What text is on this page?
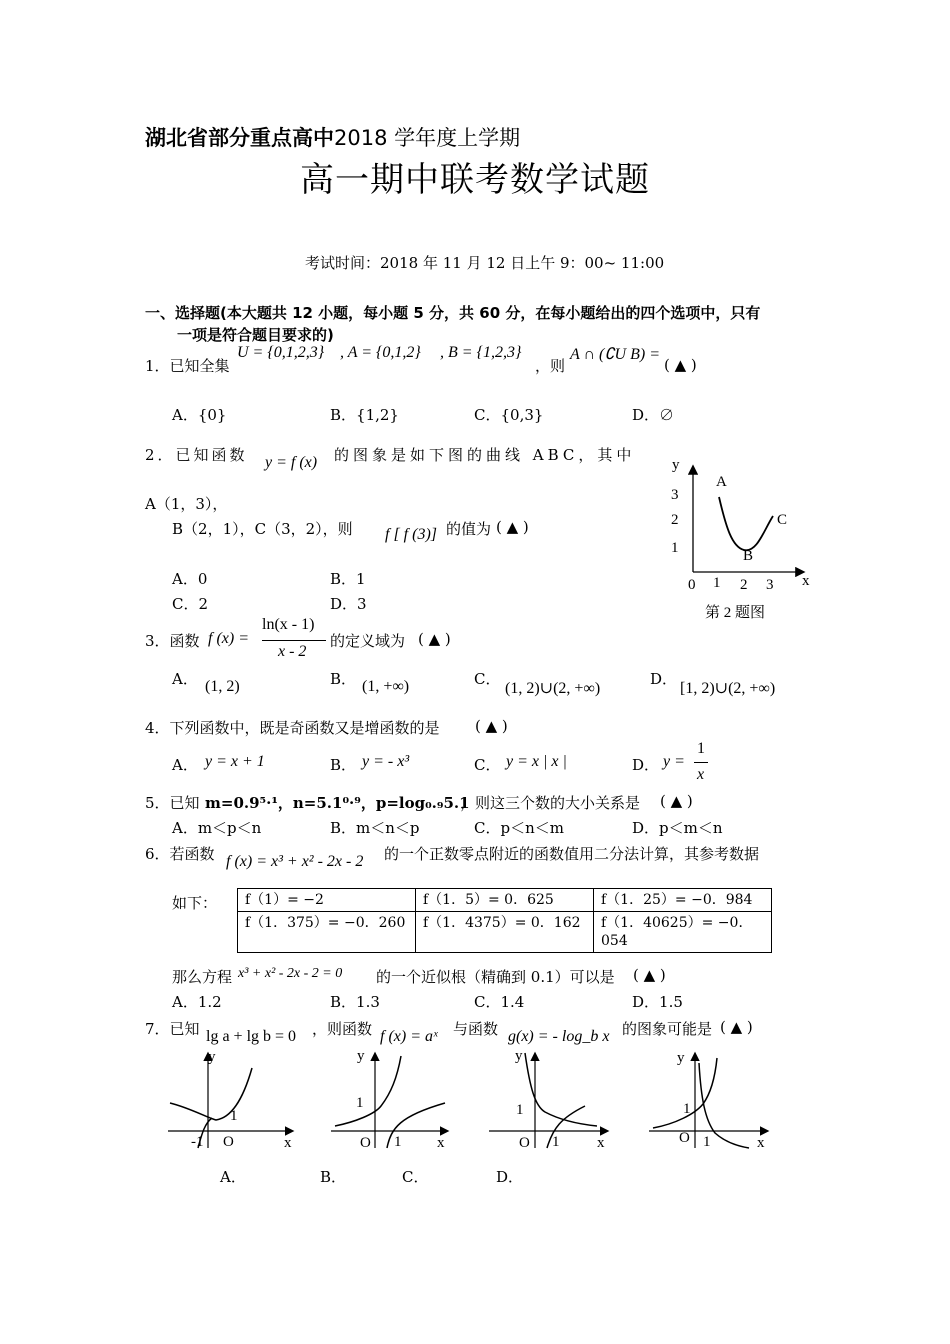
湖北省部分重点高中2018 学年度上学期
高一期中联考数学试题
考试时间：2018 年 11 月 12 日上午 9：00~ 11:00
一、选择题(本大题共 12 小题，每小题 5 分，共 60 分，在每小题给出的四个选项中，只有
一项是符合题目要求的)
1．已知全集
U = {0,1,2,3} , A = {0,1,2} , B = {1,2,3}
，则
A ∩ (∁U B) =
( ▲ )
A．{0}	B．{1,2}	C．{0,3}	D．∅
2．已知函数 y = f (x) 的图象是如下图的曲线 ABC，其中
A（1，3），
B（2，1），C（3，2），则 f [ f (3)] 的值为 ( ▲ )
A．0	B．1
C．2	D．3
y
x
0 1 2 3
3
2
1
A
B
C
第 2 题图
3．函数 f (x) =
ln(x - 1)
x - 2
的定义域为 ( ▲ )
A． (1, 2)	B． (1, +∞)	C．
(1, 2)∪(2, +∞)
D．
[1, 2)∪(2, +∞)
4．下列函数中，既是奇函数又是增函数的是 ( ▲ )
A． y = x + 1	B． y = - x³	C． y = x | x |	D． y =
1
x
5．已知 m=0.9⁵·¹，n=5.1⁰·⁹，p=log₀.₉5.1
，则这三个数的大小关系是 ( ▲ )
A．m＜p＜n	B．m＜n＜p	C．p＜n＜m	D．p＜m＜n
6．若函数 f (x) = x³ + x² - 2x - 2 的一个正数零点附近的函数值用二分法计算，其参考数据
如下： f（1）= −2	f（1．5）= 0．625	f（1．25）= −0．984
f（1．375）= −0．260	f（1．4375）= 0．162	f（1．40625）= −0．054
那么方程 x³ + x² - 2x - 2 = 0 的一个近似根（精确到 0.1）可以是 ( ▲ )
A．1.2	B．1.3	C．1.4	D．1.5
7．已知 lg a + lg b = 0 ，则函数 f (x) = aˣ 与函数 g(x) = - log_b x 的图象可能是 ( ▲ )
y
x
1
-1 O
y
x
1
O 1
y
x
1
O 1
y
x
1
O 1
A．	B．	C．	D．
